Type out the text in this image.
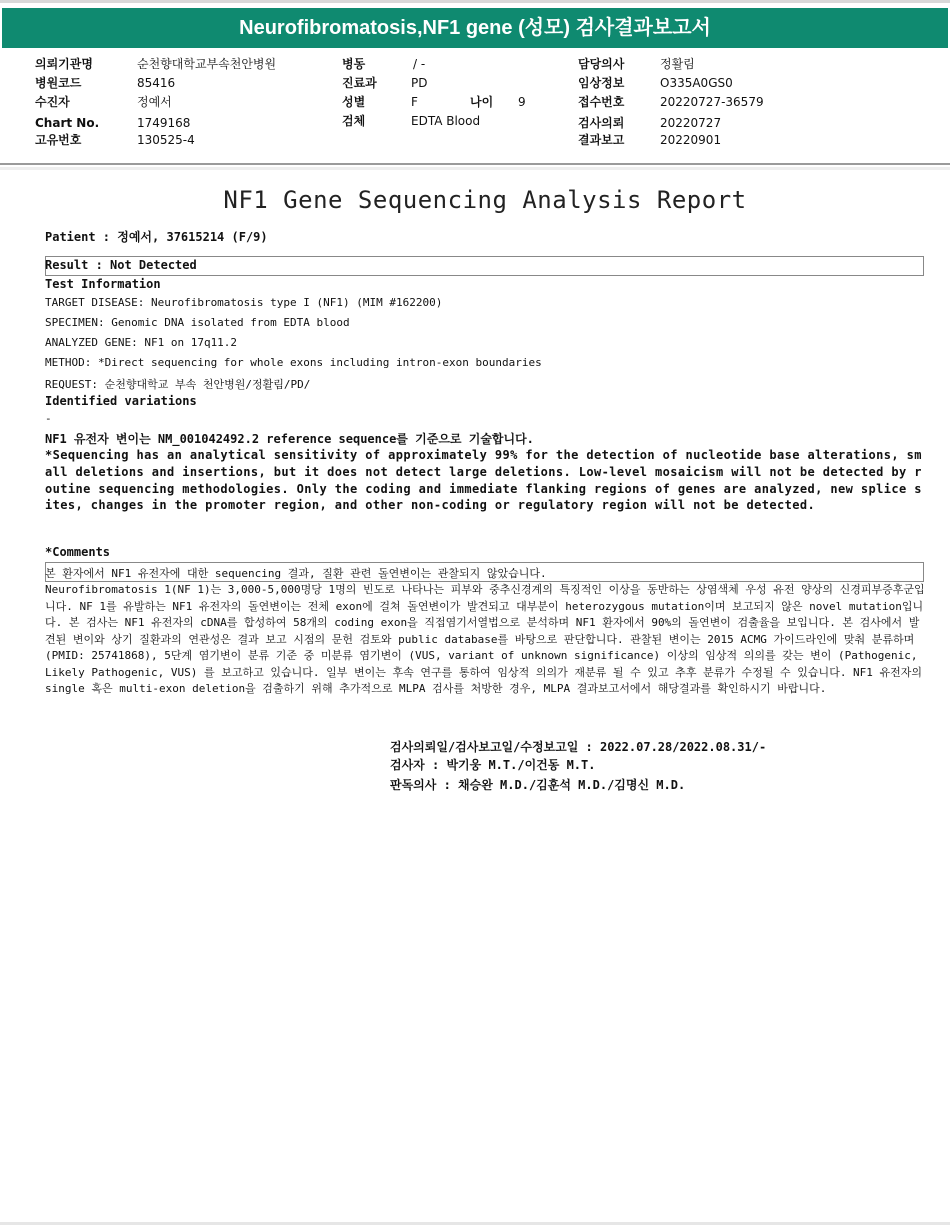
Neurofibromatosis,NF1 gene (성모) 검사결과보고서
의뢰기관명	순천향대학교부속천안병원
병원코드	85416
수진자	정예서
Chart No.	1749168
고유번호	130525-4
병동	/ -
진료과	PD
성별	F	나이 9
검체	EDTA Blood
담당의사	정활림
임상정보	O335A0GS0
접수번호	20220727-36579
검사의뢰	20220727
결과보고	20220901
NF1 Gene Sequencing Analysis Report
Patient : 정예서, 37615214 (F/9)
Result : Not Detected
Test Information
TARGET DISEASE: Neurofibromatosis type I (NF1) (MIM #162200)
SPECIMEN: Genomic DNA isolated from EDTA blood
ANALYZED GENE: NF1 on 17q11.2
METHOD: *Direct sequencing for whole exons including intron-exon boundaries
REQUEST: 순천향대학교 부속 천안병원/정활림/PD/
Identified variations
-
NF1 유전자 변이는 NM_001042492.2 reference sequence를 기준으로 기술합니다.
*Sequencing has an analytical sensitivity of approximately 99% for the detection of nucleotide base alterations, small deletions and insertions, but it does not detect large deletions. Low-level mosaicism will not be detected by routine sequencing methodologies. Only the coding and immediate flanking regions of genes are analyzed, new splice sites, changes in the promoter region, and other non-coding or regulatory region will not be detected.
*Comments
본 환자에서 NF1 유전자에 대한 sequencing 결과, 질환 관련 돌연변이는 관찰되지 않았습니다.
Neurofibromatosis 1(NF 1)는 3,000-5,000명당 1명의 빈도로 나타나는 피부와 중추신경계의 특징적인 이상을 동반하는 상염색체 우성 유전 양상의 신경피부증후군입니다. NF 1를 유발하는 NF1 유전자의 돌연변이는 전체 exon에 걸쳐 돌연변이가 발견되고 대부분이 heterozygous mutation이며 보고되지 않은 novel mutation입니다. 본 검사는 NF1 유전자의 cDNA를 합성하여 58개의 coding exon을 직접염기서열법으로 분석하며 NF1 환자에서 90%의 돌연변이 검출율을 보입니다. 본 검사에서 발견된 변이와 상기 질환과의 연관성은 결과 보고 시점의 문헌 검토와 public database를 바탕으로 판단합니다. 관찰된 변이는 2015 ACMG 가이드라인에 맞춰 분류하며 (PMID: 25741868), 5단계 염기변이 분류 기준 중 미분류 염기변이 (VUS, variant of unknown significance) 이상의 임상적 의의를 갖는 변이 (Pathogenic, Likely Pathogenic, VUS) 를 보고하고 있습니다. 일부 변이는 후속 연구를 통하여 임상적 의의가 재분류 될 수 있고 추후 분류가 수정될 수 있습니다. NF1 유전자의 single 혹은 multi-exon deletion을 검출하기 위해 추가적으로 MLPA 검사를 처방한 경우, MLPA 결과보고서에서 해당결과를 확인하시기 바랍니다.
검사의뢰일/검사보고일/수정보고일 : 2022.07.28/2022.08.31/-
검사자 : 박기웅 M.T./이건동 M.T.
판독의사 : 채승완 M.D./김훈석 M.D./김명신 M.D.
